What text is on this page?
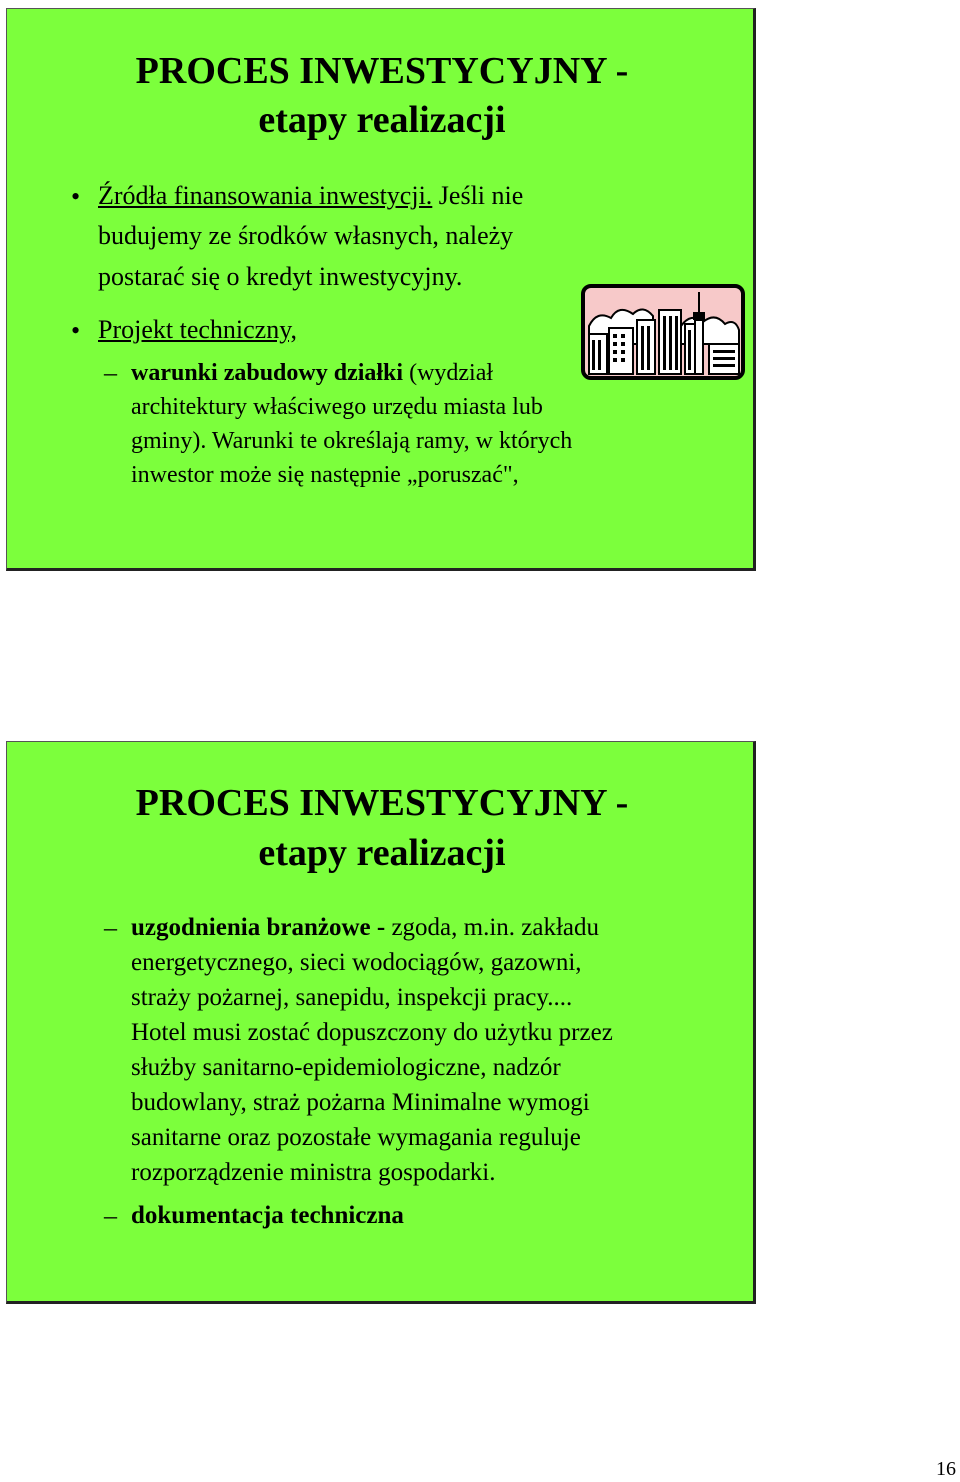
PROCES INWESTYCYJNY -
etapy realizacji
• Źródła finansowania inwestycji. Jeśli nie
budujemy ze środków własnych, należy
postarać się o kredyt inwestycyjny.
• Projekt techniczny,
– warunki zabudowy działki (wydział
architektury właściwego urzędu miasta lub
gminy). Warunki te określają ramy, w których
inwestor może się następnie „poruszać",
PROCES INWESTYCYJNY -
etapy realizacji
– uzgodnienia branżowe - zgoda, m.in. zakładu
energetycznego, sieci wodociągów, gazowni,
straży pożarnej, sanepidu, inspekcji pracy....
Hotel musi zostać dopuszczony do użytku przez
służby sanitarno-epidemiologiczne, nadzór
budowlany, straż pożarna Minimalne wymogi
sanitarne oraz pozostałe wymagania reguluje
rozporządzenie ministra gospodarki.
– dokumentacja techniczna
16
